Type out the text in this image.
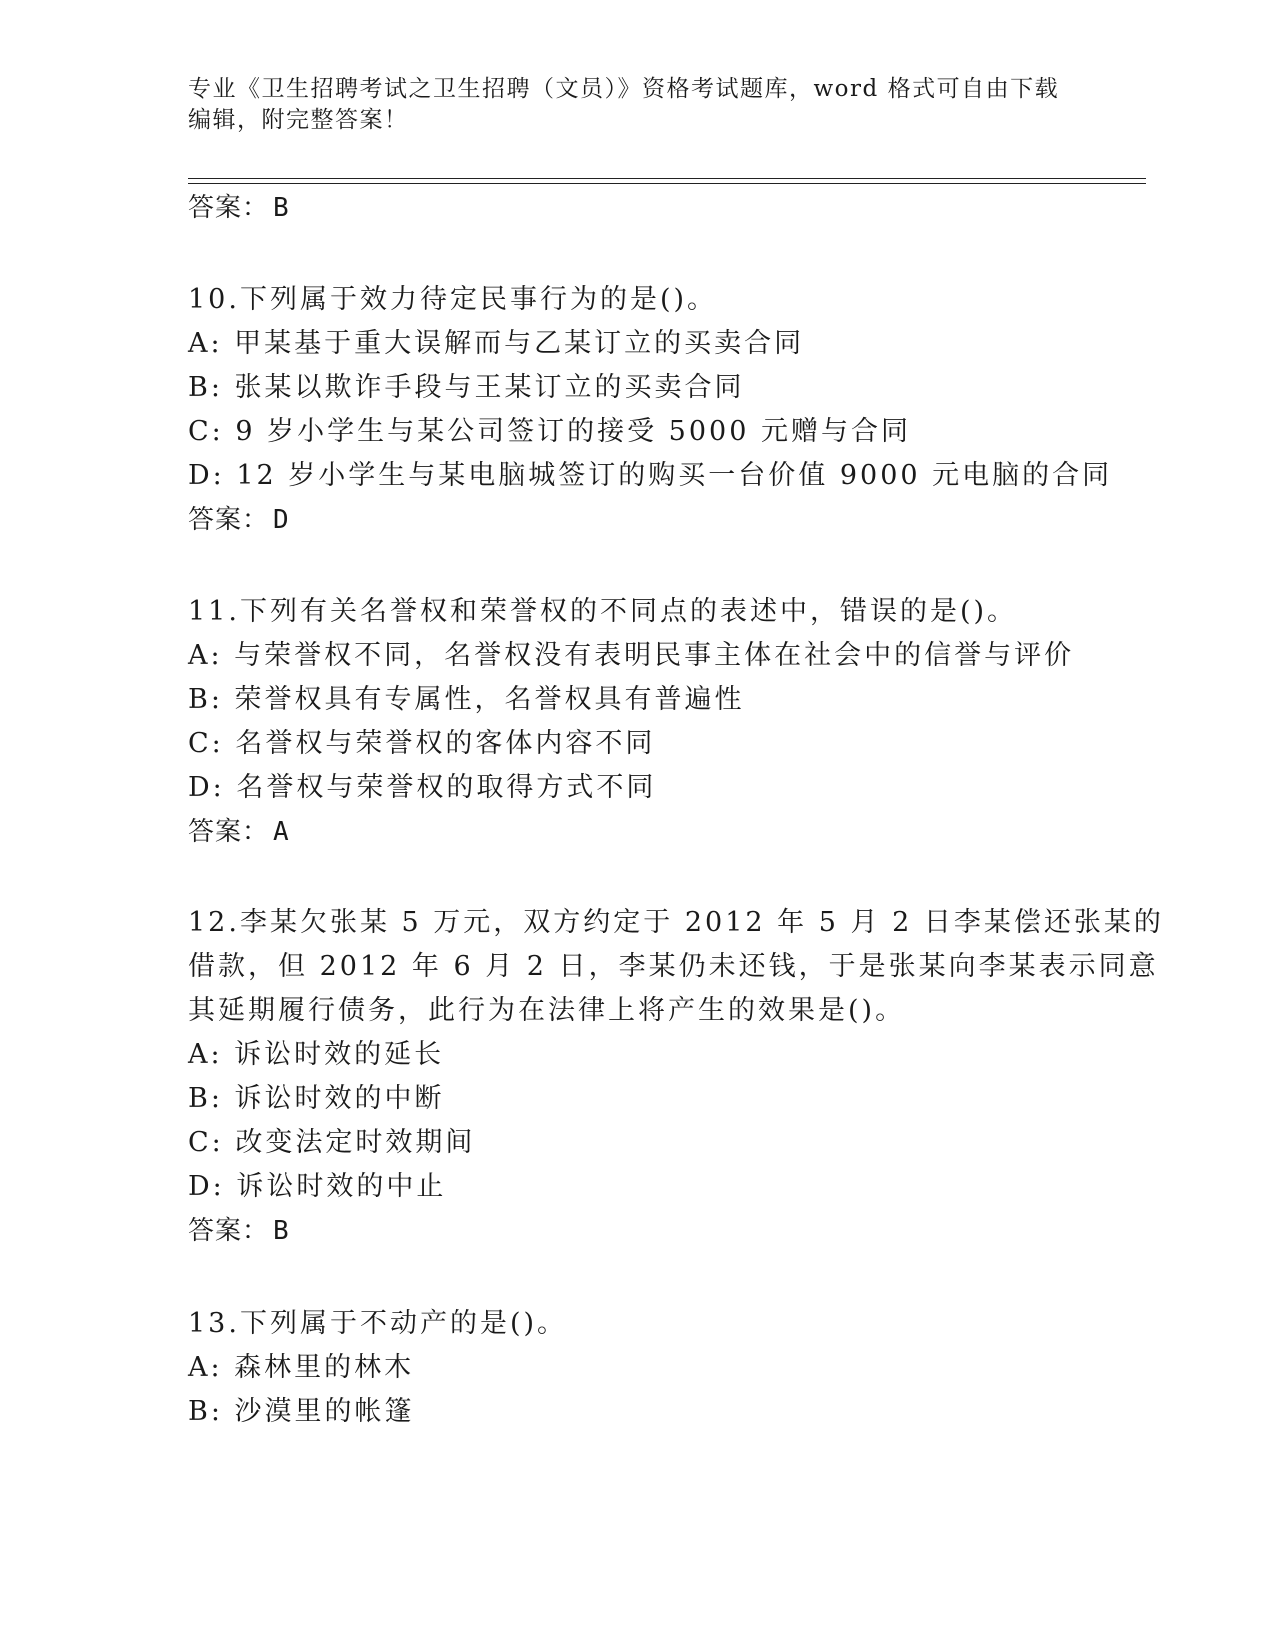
专业《卫生招聘考试之卫生招聘（文员）》资格考试题库，word 格式可自由下载
编辑，附完整答案！
答案： B
10.下列属于效力待定民事行为的是()。
A: 甲某基于重大误解而与乙某订立的买卖合同
B: 张某以欺诈手段与王某订立的买卖合同
C: 9 岁小学生与某公司签订的接受 5000 元赠与合同
D: 12 岁小学生与某电脑城签订的购买一台价值 9000 元电脑的合同
答案： D
11.下列有关名誉权和荣誉权的不同点的表述中，错误的是()。
A: 与荣誉权不同，名誉权没有表明民事主体在社会中的信誉与评价
B: 荣誉权具有专属性，名誉权具有普遍性
C: 名誉权与荣誉权的客体内容不同
D: 名誉权与荣誉权的取得方式不同
答案： A
12.李某欠张某 5 万元，双方约定于 2012 年 5 月 2 日李某偿还张某的
借款，但 2012 年 6 月 2 日，李某仍未还钱，于是张某向李某表示同意
其延期履行债务，此行为在法律上将产生的效果是()。
A: 诉讼时效的延长
B: 诉讼时效的中断
C: 改变法定时效期间
D: 诉讼时效的中止
答案： B
13.下列属于不动产的是()。
A: 森林里的林木
B: 沙漠里的帐篷
